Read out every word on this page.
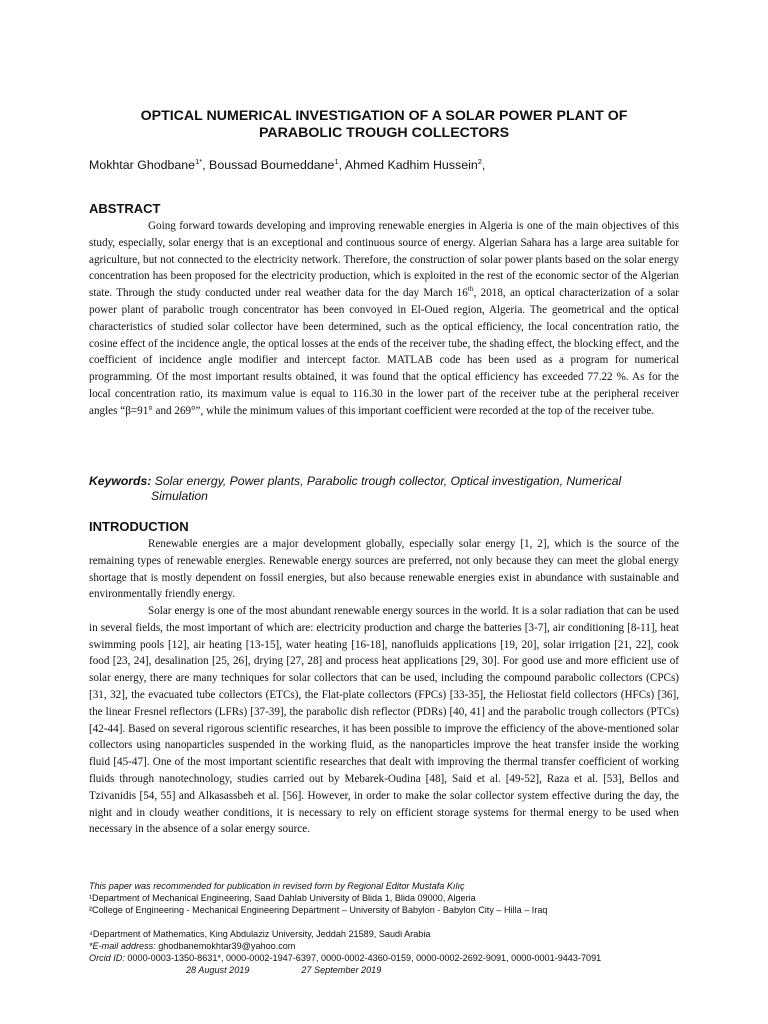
OPTICAL NUMERICAL INVESTIGATION OF A SOLAR POWER PLANT OF
PARABOLIC TROUGH COLLECTORS
Mokhtar Ghodbane$^{1*}$, Boussad Boumeddane$^1$, Ahmed Kadhim Hussein$^2$,
ABSTRACT

Going forward towards developing and improving renewable energies in Algeria is one of the main objectives of this study, especially, solar energy that is an exceptional and continuous source of energy. Algerian Sahara has a large area suitable for agriculture, but not connected to the electricity network. Therefore, the construction of solar power plants based on the solar energy concentration has been proposed for the electricity production, which is exploited in the rest of the economic sector of the Algerian state. Through the study conducted under real weather data for the day March 16th, 2018, an optical characterization of a solar power plant of parabolic trough concentrator has been convoyed in El-Oued region, Algeria. The geometrical and the optical characteristics of studied solar collector have been determined, such as the optical efficiency, the local concentration ratio, the cosine effect of the incidence angle, the optical losses at the ends of the receiver tube, the shading effect, the blocking effect, and the coefficient of incidence angle modifier and intercept factor. MATLAB code has been used as a program for numerical programming. Of the most important results obtained, it was found that the optical efficiency has exceeded 77.22 %. As for the local concentration ratio, its maximum value is equal to 116.30 in the lower part of the receiver tube at the peripheral receiver angles “β=91° and 269°”, while the minimum values of this important coefficient were recorded at the top of the receiver tube.

Keywords: Solar energy, Power plants, Parabolic trough collector, Optical investigation, Numerical
Simulation
INTRODUCTION

Renewable energies are a major development globally, especially solar energy [1, 2], which is the source of the remaining types of renewable energies. Renewable energy sources are preferred, not only because they can meet the global energy shortage that is mostly dependent on fossil energies, but also because renewable energies exist in abundance with sustainable and environmentally friendly energy.

Solar energy is one of the most abundant renewable energy sources in the world. It is a solar radiation that can be used in several fields, the most important of which are: electricity production and charge the batteries [3-7], air conditioning [8-11], heat swimming pools [12], air heating [13-15], water heating [16-18], nanofluids applications [19, 20], solar irrigation [21, 22], cook food [23, 24], desalination [25, 26], drying [27, 28] and process heat applications [29, 30]. For good use and more efficient use of solar energy, there are many techniques for solar collectors that can be used, including the compound parabolic collectors (CPCs) [31, 32], the evacuated tube collectors (ETCs), the Flat-plate collectors (FPCs) [33-35], the Heliostat field collectors (HFCs) [36], the linear Fresnel reflectors (LFRs) [37-39], the parabolic dish reflector (PDRs) [40, 41] and the parabolic trough collectors (PTCs) [42-44]. Based on several rigorous scientific researches, it has been possible to improve the efficiency of the above-mentioned solar collectors using nanoparticles suspended in the working fluid, as the nanoparticles improve the heat transfer inside the working fluid [45-47]. One of the most important scientific researches that dealt with improving the thermal transfer coefficient of working fluids through nanotechnology, studies carried out by Mebarek-Oudina [48], Said et al. [49-52], Raza et al. [53], Bellos and Tzivanidis [54, 55] and Alkasassbeh et al. [56]. However, in order to make the solar collector system effective during the day, the night and in cloudy weather conditions, it is necessary to rely on efficient storage systems for thermal energy to be used when necessary in the absence of a solar energy source.

This paper was recommended for publication in revised form by Regional Editor Mustafa Kılıç
¹Department of Mechanical Engineering, Saad Dahlab University of Blida 1, Blida 09000, Algeria
²College of Engineering - Mechanical Engineering Department – University of Babylon - Babylon City – Hilla – Iraq
⁴Department of Mathematics, King Abdulaziz University, Jeddah 21589, Saudi Arabia
*E-mail address: ghodbanemokhtar39@yahoo.com
Orcid ID: 0000-0003-1350-8631*, 0000-0002-1947-6397, 0000-0002-4360-0159, 0000-0002-2692-9091, 0000-0001-9443-7091
28 August 2019	27 September 2019
